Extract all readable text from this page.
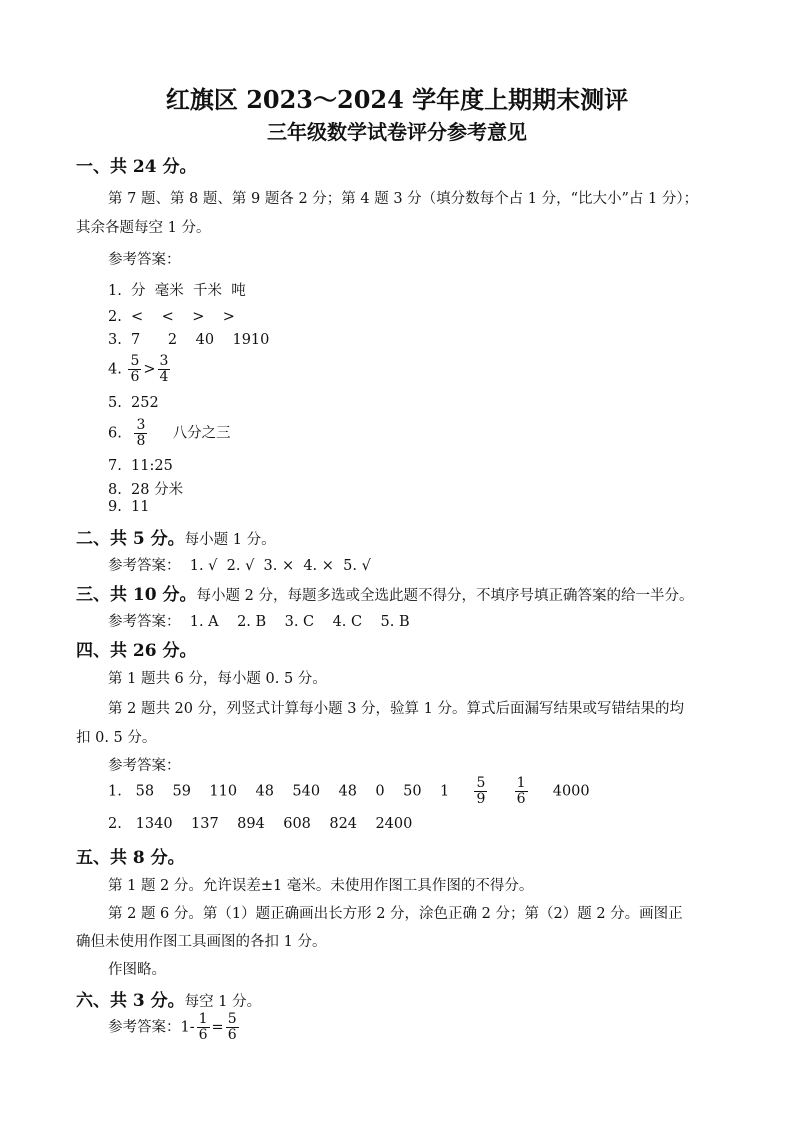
红旗区 2023～2024 学年度上期期末测评
三年级数学试卷评分参考意见
一、共 24 分。
第 7 题、第 8 题、第 9 题各 2 分；第 4 题 3 分（填分数每个占 1 分，“比大小”占 1 分）；
其余各题每空 1 分。
参考答案：
1.  分  毫米  千米  吨
2.  <    <    >    >
3.  7      2    40    1910
4. $\frac{5}{6} > \frac{3}{4}$
5.  252
6. $\frac{3}{8}$ 八分之三
7.  11:25
8.  28 分米
9.  11
二、共 5 分。每小题 1 分。
参考答案：  1. √  2. √  3. ×  4. ×  5. √
三、共 10 分。每小题 2 分，每题多选或全选此题不得分，不填序号填正确答案的给一半分。
参考答案：  1. A    2. B    3. C    4. C    5. B
四、共 26 分。
第 1 题共 6 分，每小题 0. 5 分。
第 2 题共 20 分，列竖式计算每小题 3 分，验算 1 分。算式后面漏写结果或写错结果的均
扣 0. 5 分。
参考答案：
1.   58    59    110    48    540    48    0    50    $1 \frac{5}{9}$
$\frac{1}{6} 4000$
2.   1340    137    894    608    824    2400
五、共 8 分。
第 1 题 2 分。允许误差±1 毫米。未使用作图工具作图的不得分。
第 2 题 6 分。第（1）题正确画出长方形 2 分，涂色正确 2 分；第（2）题 2 分。画图正
确但未使用作图工具画图的各扣 1 分。
作图略。
六、共 3 分。每空 1 分。
参考答案：$1- \frac{1}{6} = \frac{5}{6}$
